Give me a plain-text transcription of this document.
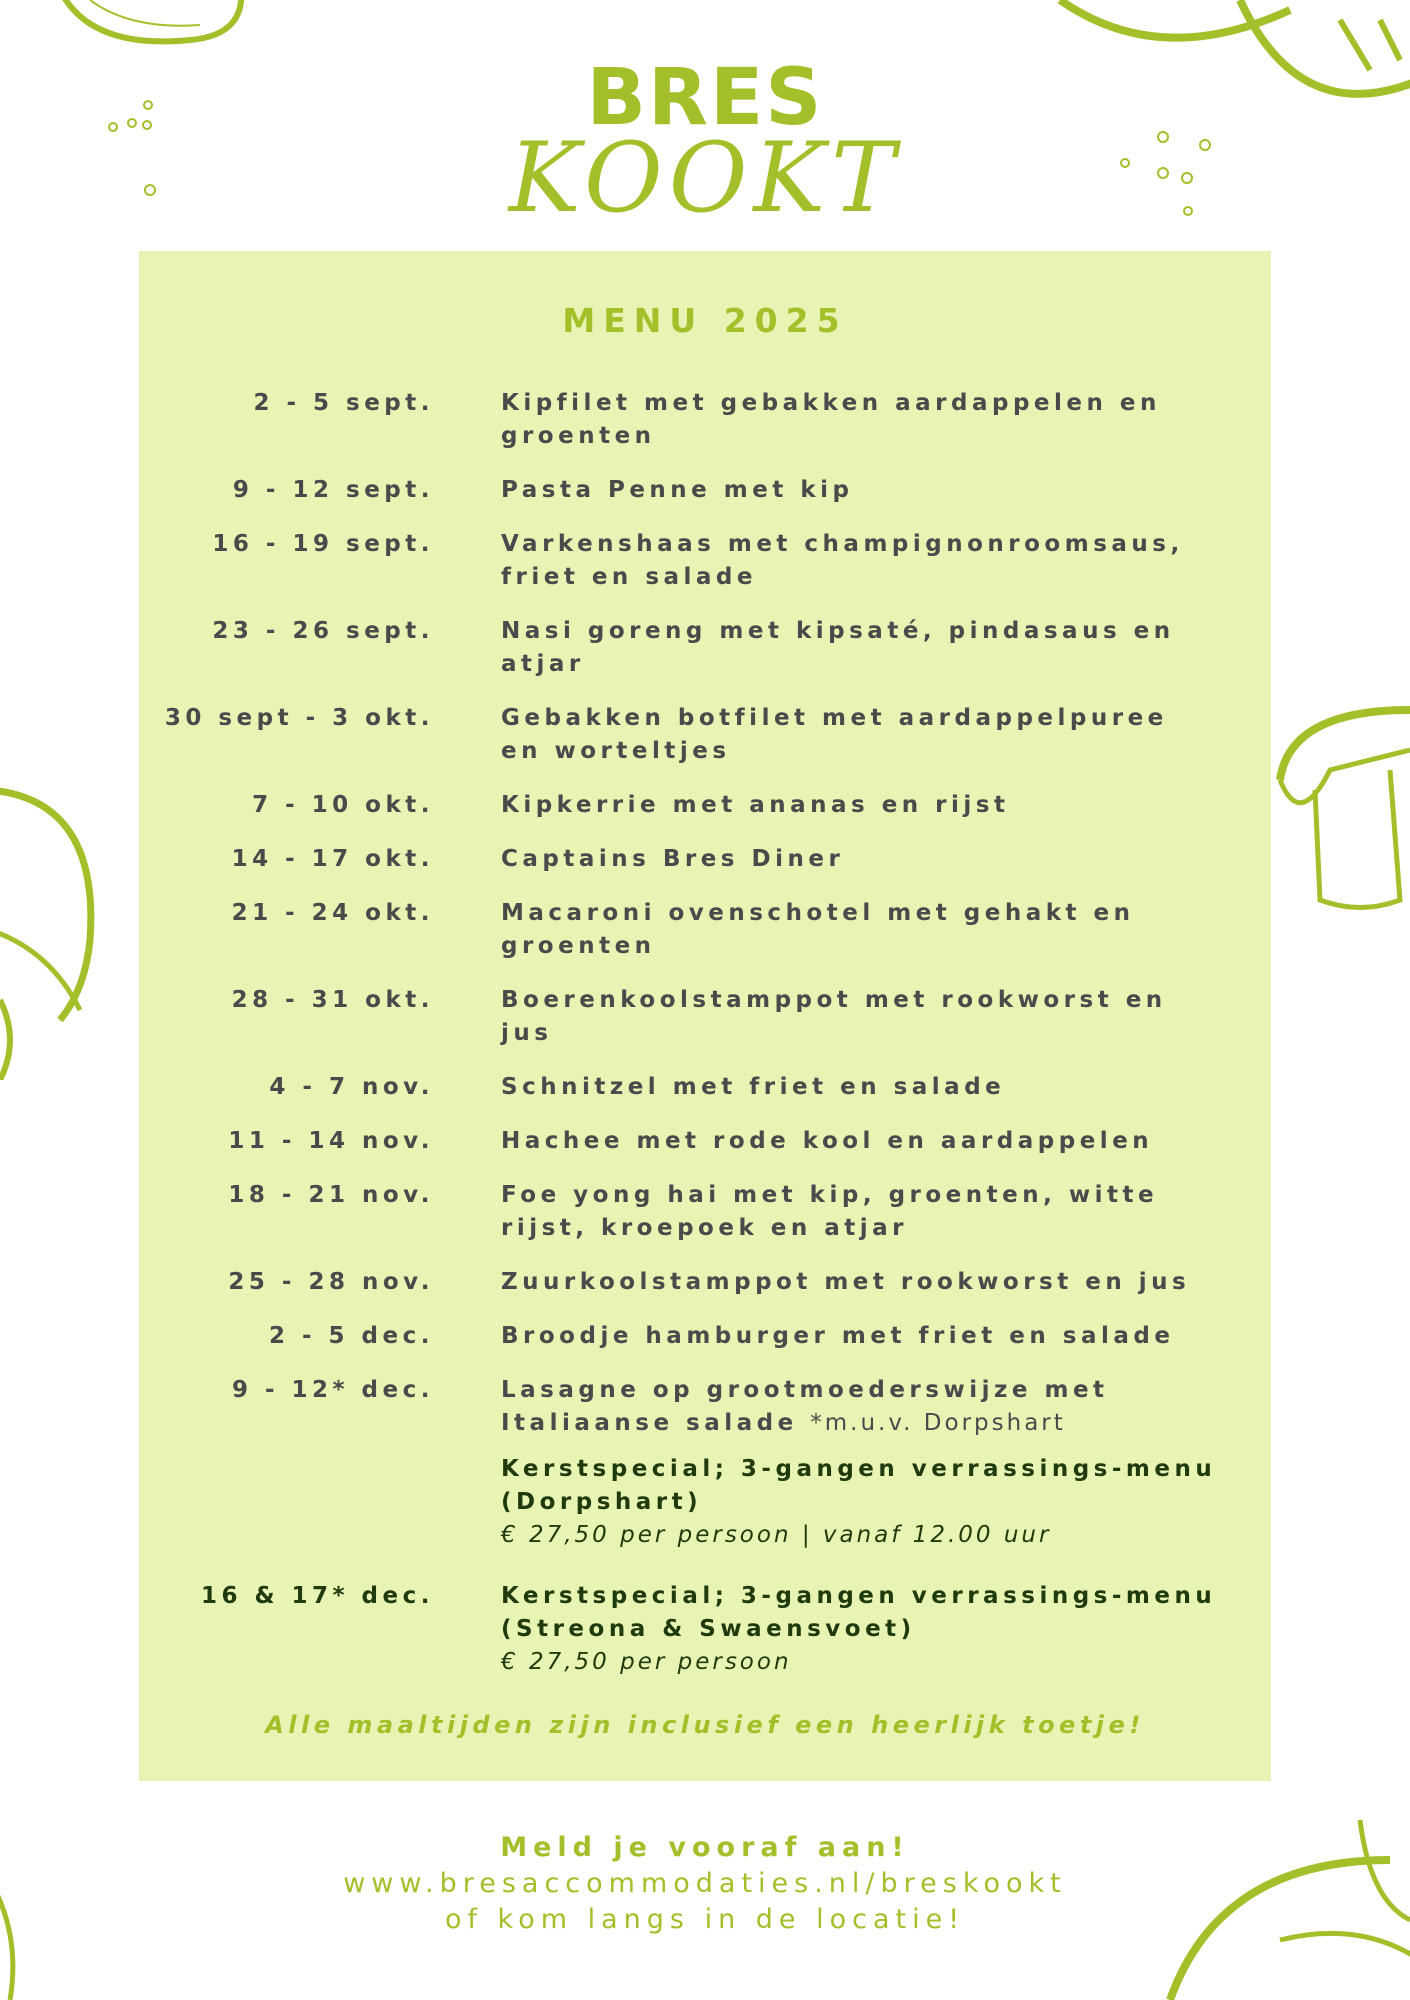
BRES
KOOKT
MENU 2025
2 - 5 sept.	Kipfilet met gebakken aardappelen en groenten
9 - 12 sept.	Pasta Penne met kip
16 - 19 sept.	Varkenshaas met champignonroomsaus, friet en salade
23 - 26 sept.	Nasi goreng met kipsaté, pindasaus en atjar
30 sept - 3 okt.	Gebakken botfilet met aardappelpuree en worteltjes
7 - 10 okt.	Kipkerrie met ananas en rijst
14 - 17 okt.	Captains Bres Diner
21 - 24 okt.	Macaroni ovenschotel met gehakt en groenten
28 - 31 okt.	Boerenkoolstamppot met rookworst en jus
4 - 7 nov.	Schnitzel met friet en salade
11 - 14 nov.	Hachee met rode kool en aardappelen
18 - 21 nov.	Foe yong hai met kip, groenten, witte rijst, kroepoek en atjar
25 - 28 nov.	Zuurkoolstamppot met rookworst en jus
2 - 5 dec.	Broodje hamburger met friet en salade
9 - 12* dec.	Lasagne op grootmoederswijze met Italiaanse salade *m.u.v. Dorpshart
Kerstspecial; 3-gangen verrassings-menu (Dorpshart)
€ 27,50 per persoon | vanaf 12.00 uur
16 & 17* dec.	Kerstspecial; 3-gangen verrassings-menu (Streona & Swaensvoet)
€ 27,50 per persoon
Alle maaltijden zijn inclusief een heerlijk toetje!
Meld je vooraf aan!
www.bresaccommodaties.nl/breskookt
of kom langs in de locatie!
